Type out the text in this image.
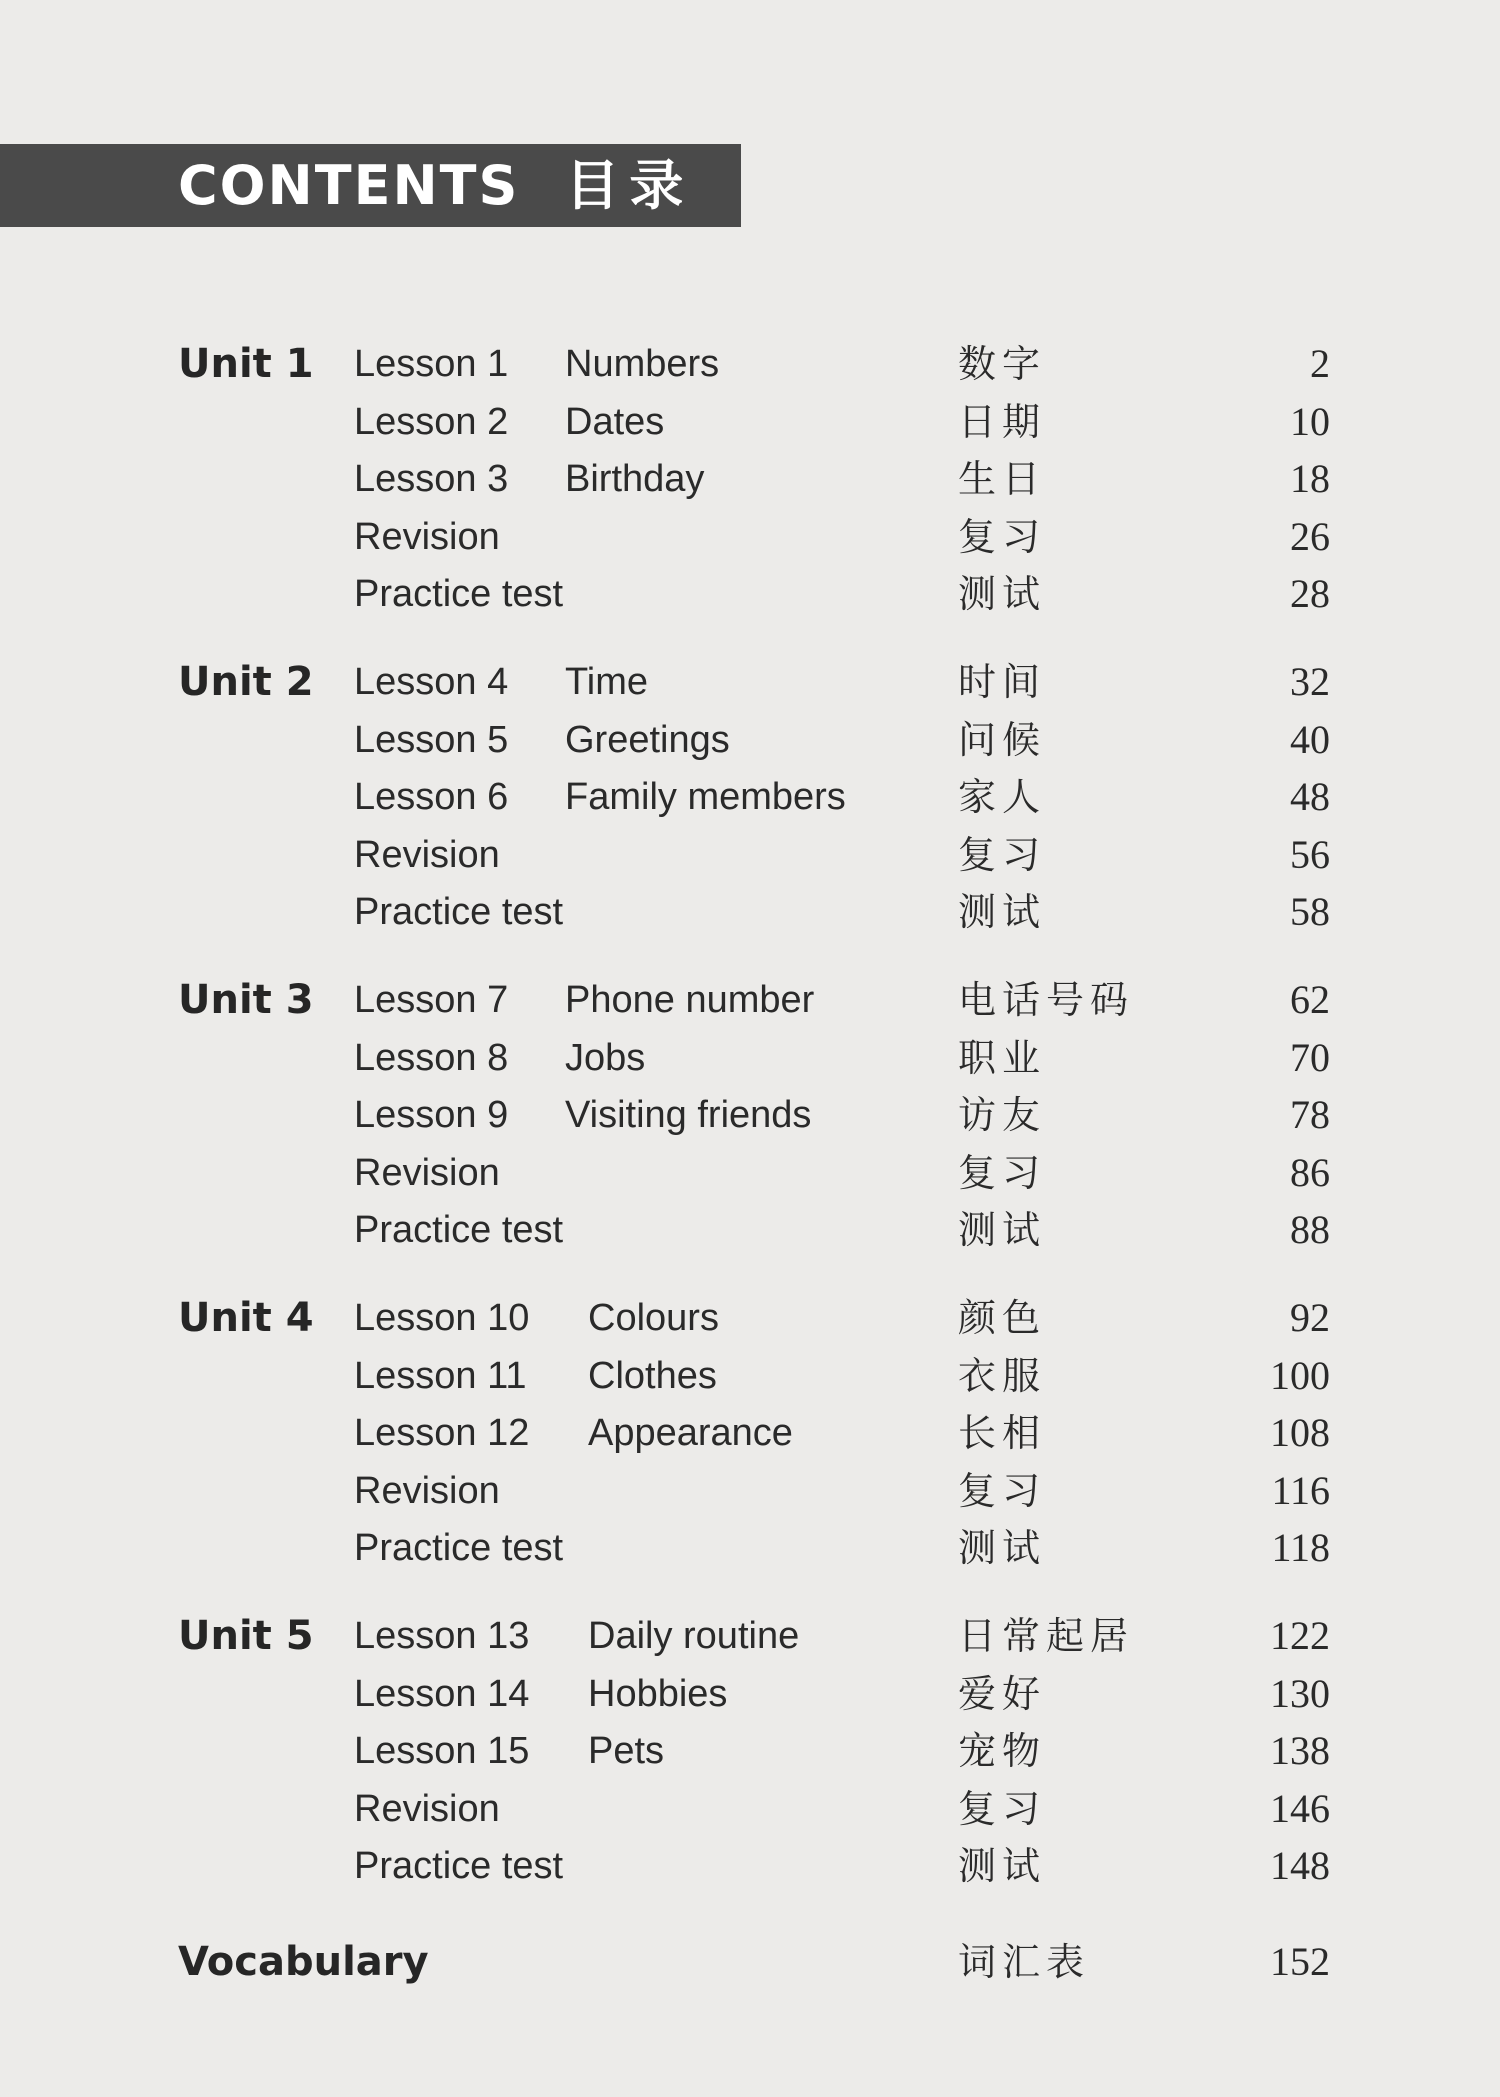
CONTENTS 目录
Unit 1 Lesson 1 Numbers	数字	2
Lesson 2 Dates	日期	10
Lesson 3 Birthday	生日	18
Revision	复习	26
Practice test	测试	28
Unit 2 Lesson 4 Time	时间	32
Lesson 5 Greetings	问候	40
Lesson 6 Family members	家人	48
Revision	复习	56
Practice test	测试	58
Unit 3 Lesson 7 Phone number	电话号码	62
Lesson 8 Jobs	职业	70
Lesson 9 Visiting friends	访友	78
Revision	复习	86
Practice test	测试	88
Unit 4 Lesson 10 Colours	颜色	92
Lesson 11 Clothes	衣服	100
Lesson 12 Appearance	长相	108
Revision	复习	116
Practice test	测试	118
Unit 5 Lesson 13 Daily routine	日常起居	122
Lesson 14 Hobbies	爱好	130
Lesson 15 Pets	宠物	138
Revision	复习	146
Practice test	测试	148
Vocabulary	词汇表	152
